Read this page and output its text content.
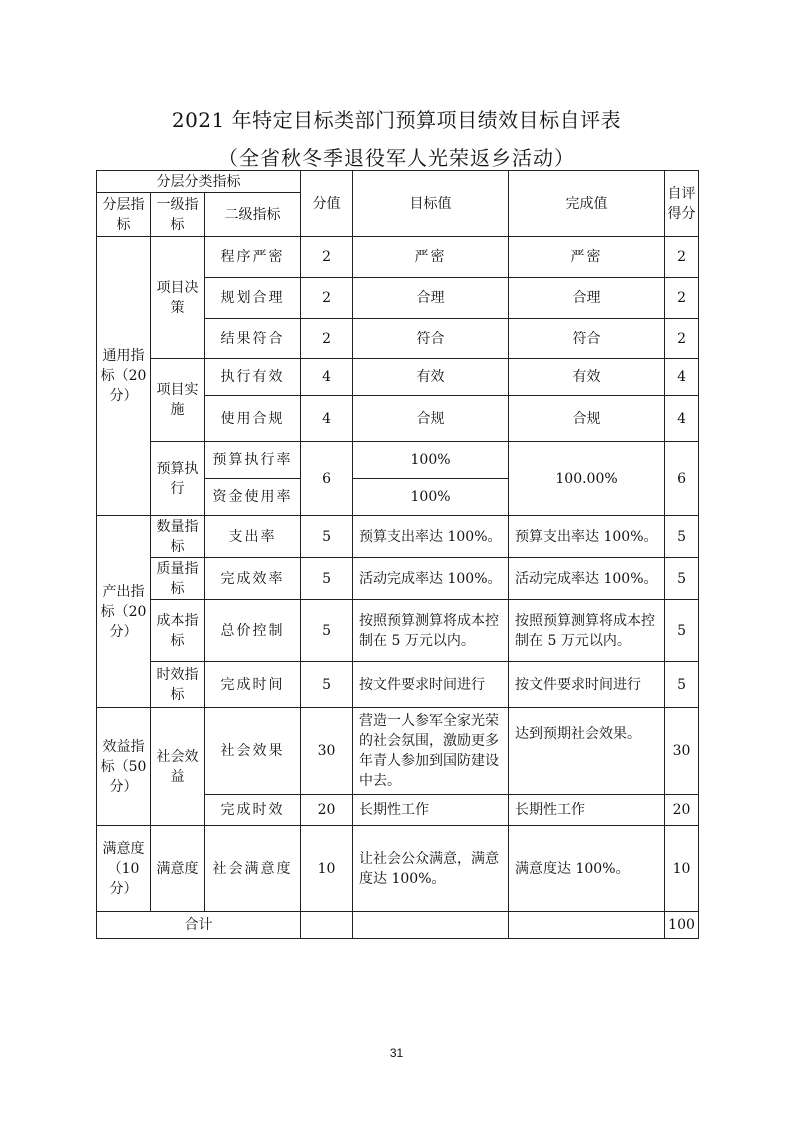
2021 年特定目标类部门预算项目绩效目标自评表
（全省秋冬季退役军人光荣返乡活动）
分层分类指标			分值	目标值	完成值	自评得分
分层指标	一级指标	二级指标				
通用指标（20分）	项目决策	程序严密	2	严密	严密	2
		规划合理	2	合理	合理	2
		结果符合	2	符合	符合	2
	项目实施	执行有效	4	有效	有效	4
		使用合规	4	合规	合规	4
	预算执行	预算执行率	6	100%	100.00%	6
		资金使用率		100%		
产出指标（20分）	数量指标	支出率	5	预算支出率达 100%。	预算支出率达 100%。	5
	质量指标	完成效率	5	活动完成率达 100%。	活动完成率达 100%。	5
	成本指标	总价控制	5	按照预算测算将成本控制在 5 万元以内。	按照预算测算将成本控制在 5 万元以内。	5
	时效指标	完成时间	5	按文件要求时间进行	按文件要求时间进行	5
效益指标（50分）	社会效益	社会效果	30	营造一人参军全家光荣的社会氛围，激励更多年青人参加到国防建设中去。	达到预期社会效果。	30
		完成时效	20	长期性工作	长期性工作	20
满意度（10分）	满意度	社会满意度	10	让社会公众满意，满意度达 100%。	满意度达 100%。	10
合计						100
31
